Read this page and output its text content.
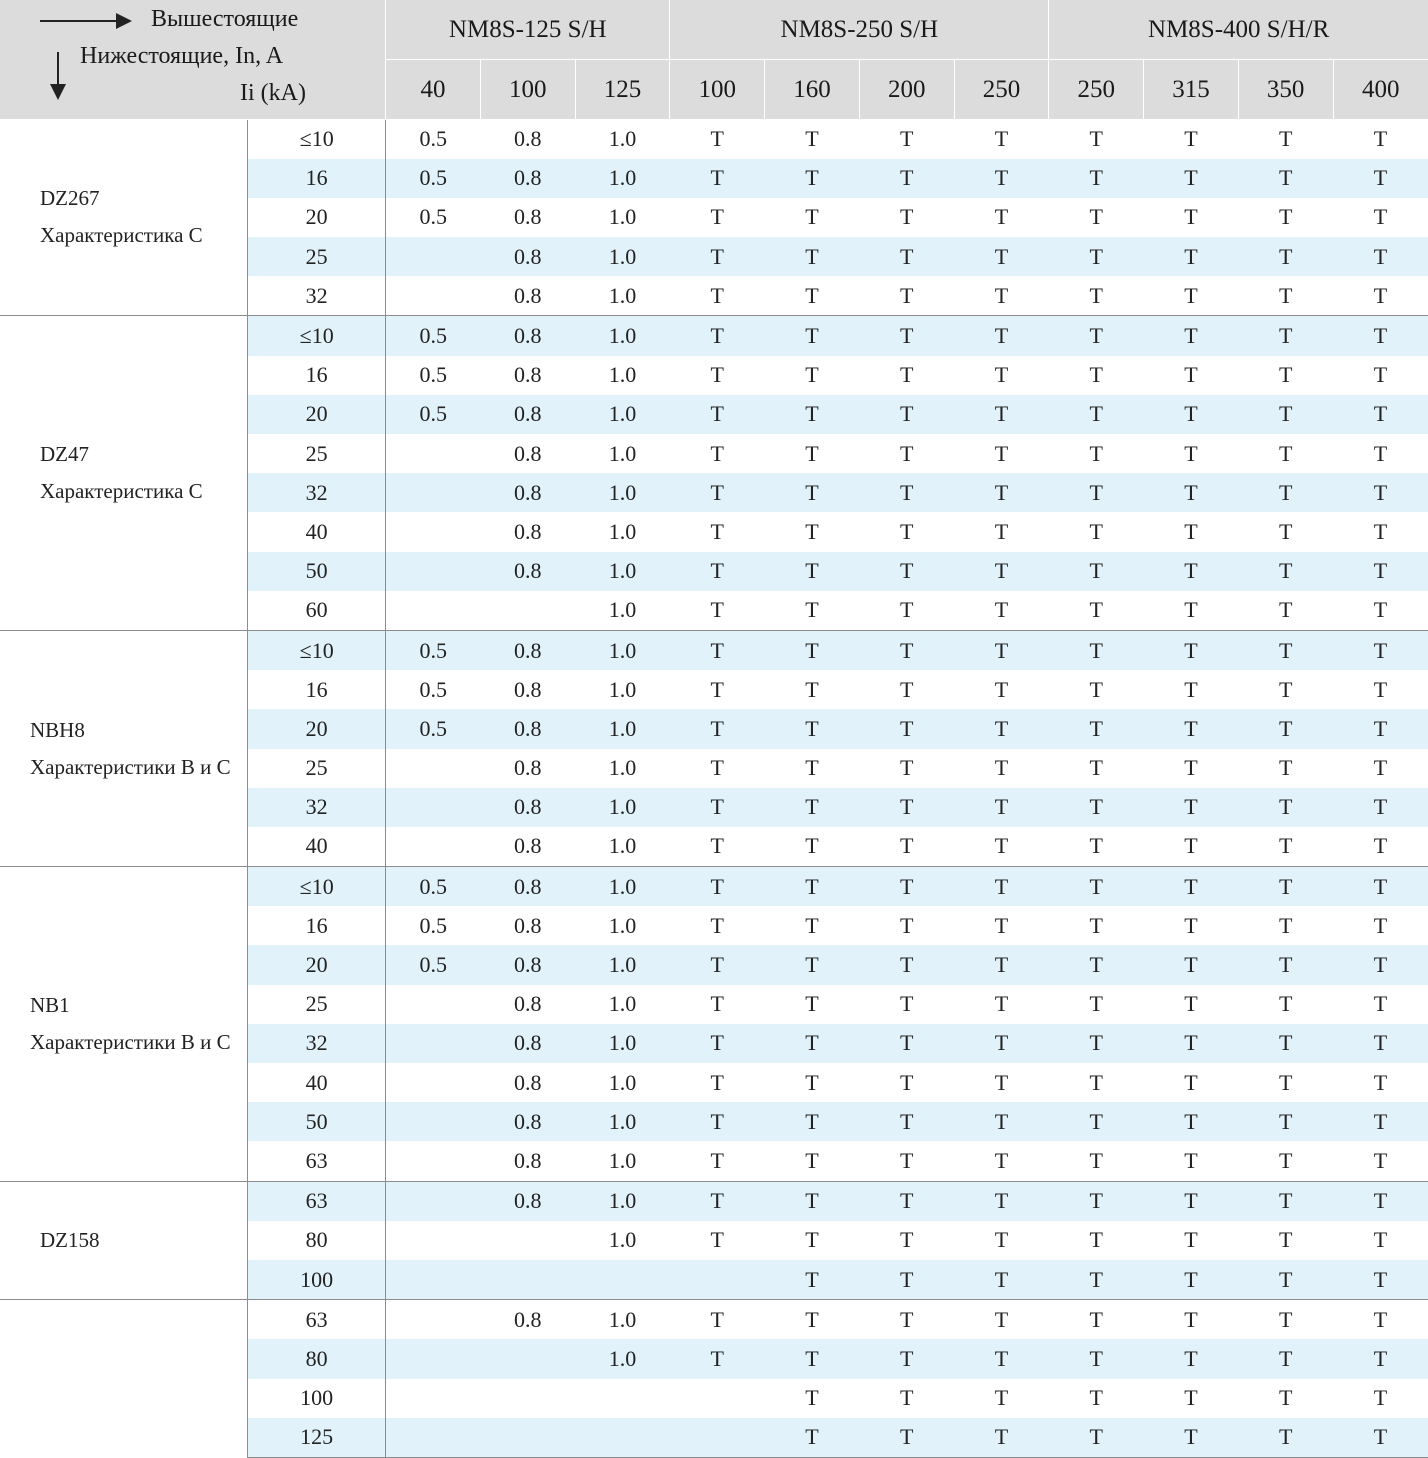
Вышестоящие
Нижестоящие, In, A
Ii (kA)		NM8S-125 S/H			NM8S-250 S/H				NM8S-400 S/H/R			
		40	100	125	100	160	200	250	250	315	350	400

DZ267
Характеристика C	≤10	0.5	0.8	1.0	T	T	T	T	T	T	T	T
	16	0.5	0.8	1.0	T	T	T	T	T	T	T	T
	20	0.5	0.8	1.0	T	T	T	T	T	T	T	T
	25		0.8	1.0	T	T	T	T	T	T	T	T
	32		0.8	1.0	T	T	T	T	T	T	T	T

DZ47
Характеристика C	≤10	0.5	0.8	1.0	T	T	T	T	T	T	T	T
	16	0.5	0.8	1.0	T	T	T	T	T	T	T	T
	20	0.5	0.8	1.0	T	T	T	T	T	T	T	T
	25		0.8	1.0	T	T	T	T	T	T	T	T
	32		0.8	1.0	T	T	T	T	T	T	T	T
	40		0.8	1.0	T	T	T	T	T	T	T	T
	50		0.8	1.0	T	T	T	T	T	T	T	T
	60			1.0	T	T	T	T	T	T	T	T

NBH8
Характеристики B и C	≤10	0.5	0.8	1.0	T	T	T	T	T	T	T	T
	16	0.5	0.8	1.0	T	T	T	T	T	T	T	T
	20	0.5	0.8	1.0	T	T	T	T	T	T	T	T
	25		0.8	1.0	T	T	T	T	T	T	T	T
	32		0.8	1.0	T	T	T	T	T	T	T	T
	40		0.8	1.0	T	T	T	T	T	T	T	T

NB1
Характеристики B и C	≤10	0.5	0.8	1.0	T	T	T	T	T	T	T	T
	16	0.5	0.8	1.0	T	T	T	T	T	T	T	T
	20	0.5	0.8	1.0	T	T	T	T	T	T	T	T
	25		0.8	1.0	T	T	T	T	T	T	T	T
	32		0.8	1.0	T	T	T	T	T	T	T	T
	40		0.8	1.0	T	T	T	T	T	T	T	T
	50		0.8	1.0	T	T	T	T	T	T	T	T
	63		0.8	1.0	T	T	T	T	T	T	T	T

DZ158	63		0.8	1.0	T	T	T	T	T	T	T	T
	80			1.0	T	T	T	T	T	T	T	T
	100					T	T	T	T	T	T	T

	63		0.8	1.0	T	T	T	T	T	T	T	T
	80			1.0	T	T	T	T	T	T	T	T
	100					T	T	T	T	T	T	T
	125					T	T	T	T	T	T	T
